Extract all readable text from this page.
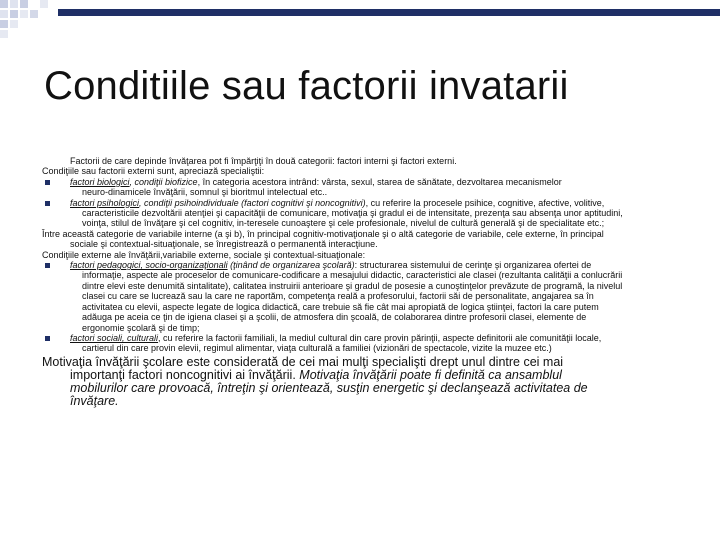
Conditiile sau factorii invatarii

Factorii de care depinde învăţarea pot fi împărţiţi în două categorii: factori interni şi factori externi.

Condiţiile sau factorii externi sunt, apreciază specialiştii:

factori biologici, condiţii biofizice, în categoria acestora intrând: vârsta, sexul, starea de sănătate, dezvoltarea mecanismelor
neuro-dinamicele învăţării, somnul şi bioritmul intelectual etc..

factori psihologici, condiţii psihoindividuale (factori cognitivi şi noncognitivi), cu referire la procesele psihice, cognitive, afective, volitive,
caracteristicile dezvoltării atenţiei şi capacităţii de comunicare, motivaţia şi gradul ei de intensitate, prezenţa sau absenţa unor aptitudini,
voinţa, stilul de învăţare şi cel cognitiv, in-teresele cunoaştere şi cele profesionale, nivelul de cultură generală şi de specialitate etc.;

Între această categorie de variabile interne (a şi b), în principal cognitiv-motivaţionale şi o altă categorie de variabile, cele externe, în principal
sociale şi contextual-situaţionale, se înregistrează o permanentă interacţiune.

Condiţiile externe ale învăţării,variabile externe, sociale şi contextual-situaţionale:

factori pedagogici, socio-organizaţionali (ţinând de organizarea şcolară): structurarea sistemului de cerinţe şi organizarea ofertei de
informaţie, aspecte ale proceselor de comunicare-codificare a mesajului didactic, caracteristici ale clasei (rezultanta calităţii a conlucrării
dintre elevi este denumită sintalitate), calitatea instruirii anterioare şi gradul de posesie a cunoştinţelor prevăzute de programă, la nivelul
clasei cu care se lucrează sau la care ne raportăm, competenţa reală a profesorului, factorii săi de personalitate, angajarea sa în
activitatea cu elevii, aspecte legate de logica didactică, care trebuie să fie cât mai apropiată de logica ştiinţei, factori la care putem
adăuga pe aceia ce ţin de igiena clasei şi a şcolii, de atmosfera din şcoală, de colaborarea dintre profesorii clasei, elemente de
ergonomie şcolară şi de timp;

factori sociali, culturali, cu referire la factorii familiali, la mediul cultural din care provin părinţii, aspecte definitorii ale comunităţii locale,
cartierul din care provin elevii, regimul alimentar, viaţa culturală a familiei (vizionări de spectacole, vizite la muzee etc.)

Motivaţia învăţării şcolare este considerată de cei mai mulţi specialişti drept unul dintre cei mai
importanţi factori noncognitivi ai învăţării. Motivaţia învăţării poate fi definită ca ansamblul
mobilurilor care provoacă, întreţin şi orientează, susţin energetic şi declanşează activitatea de
învăţare.
